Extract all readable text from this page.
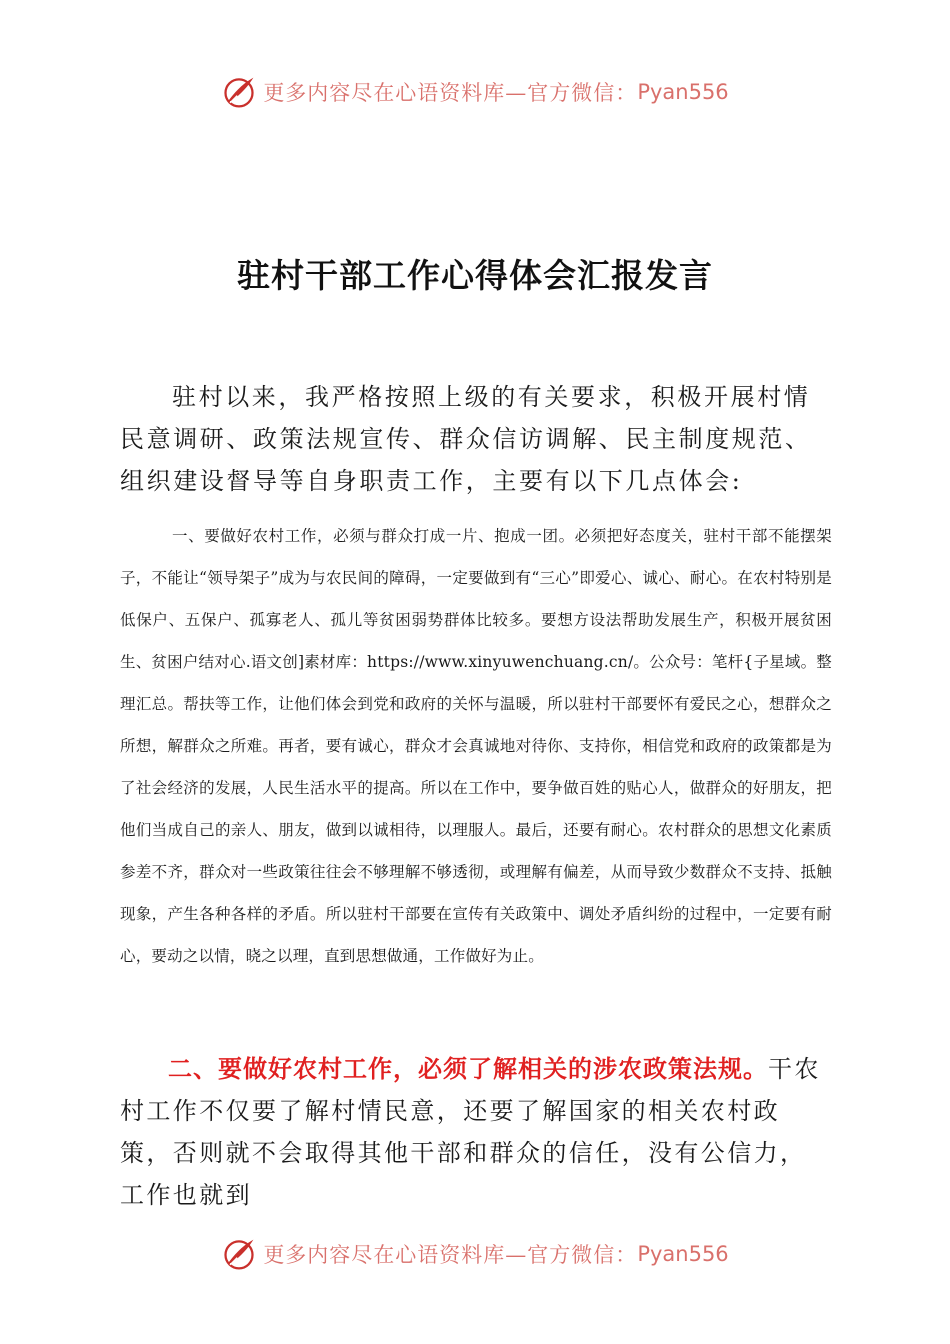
更多内容尽在心语资料库—官方微信： Pyan556
驻村干部工作心得体会汇报发言

驻村以来，我严格按照上级的有关要求，积极开展村情民意调研、政策法规宣传、群众信访调解、民主制度规范、组织建设督导等自身职责工作，主要有以下几点体会:

一、要做好农村工作，必须与群众打成一片、抱成一团。必须把好态度关，驻村干部不能摆架子，不能让“领导架子”成为与农民间的障碍，一定要做到有“三心”即爱心、诚心、耐心。在农村特别是低保户、五保户、孤寡老人、孤儿等贫困弱势群体比较多。要想方设法帮助发展生产，积极开展贫困生、贫困户结对心.语文创]素材库：https://www.xinyuwenchuang.cn/。公众号：笔杆{子星域。整理汇总。帮扶等工作，让他们体会到党和政府的关怀与温暖，所以驻村干部要怀有爱民之心，想群众之所想，解群众之所难。再者，要有诚心，群众才会真诚地对待你、支持你，相信党和政府的政策都是为了社会经济的发展，人民生活水平的提高。所以在工作中，要争做百姓的贴心人，做群众的好朋友，把他们当成自己的亲人、朋友，做到以诚相待，以理服人。最后，还要有耐心。农村群众的思想文化素质参差不齐，群众对一些政策往往会不够理解不够透彻，或理解有偏差，从而导致少数群众不支持、抵触现象，产生各种各样的矛盾。所以驻村干部要在宣传有关政策中、调处矛盾纠纷的过程中，一定要有耐心，要动之以情，晓之以理，直到思想做通，工作做好为止。

二、要做好农村工作，必须了解相关的涉农政策法规。干农村工作不仅要了解村情民意，还要了解国家的相关农村政策，否则就不会取得其他干部和群众的信任，没有公信力，工作也就到

更多内容尽在心语资料库—官方微信： Pyan556
